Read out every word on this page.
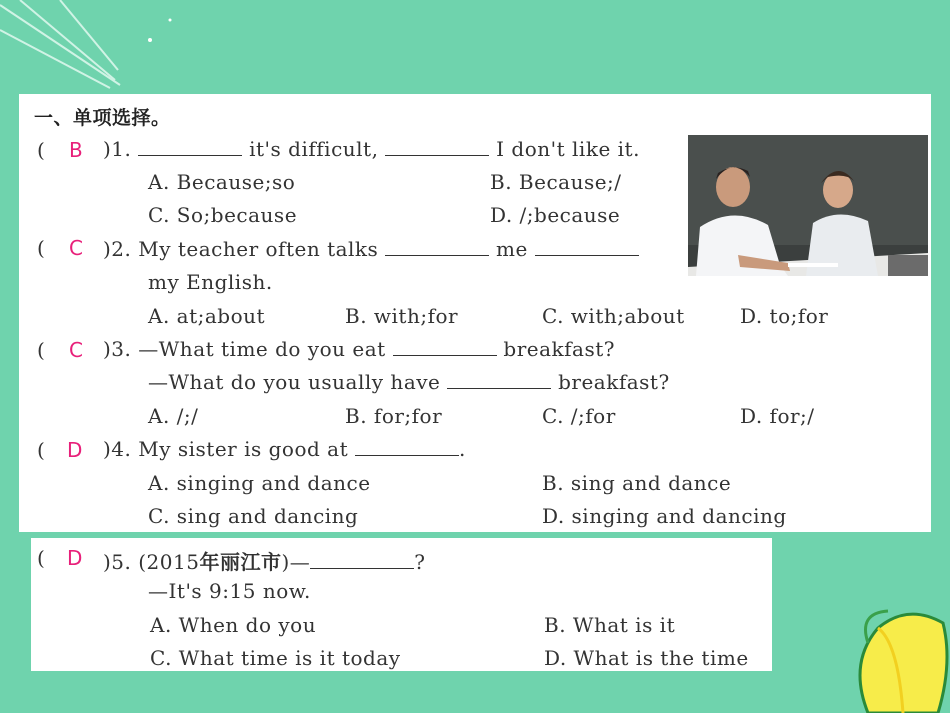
一、单项选择。
( B )1.	it's difficult,	I don't like it.
A. Because;so	B. Because;/
C. So;because	D. /;because
( C )2. My teacher often talks	me
my English.
A. at;about	B. with;for	C. with;about	D. to;for
( C )3. —What time do you eat	breakfast?
—What do you usually have	breakfast?
A. /;/	B. for;for	C. /;for	D. for;/
( D )4. My sister is good at	.
A. singing and dance	B. sing and dance
C. sing and dancing	D. singing and dancing
( D )5. (2015年丽江市)—	?
—It's 9:15 now.
A. When do you	B. What is it
C. What time is it today	D. What is the time
